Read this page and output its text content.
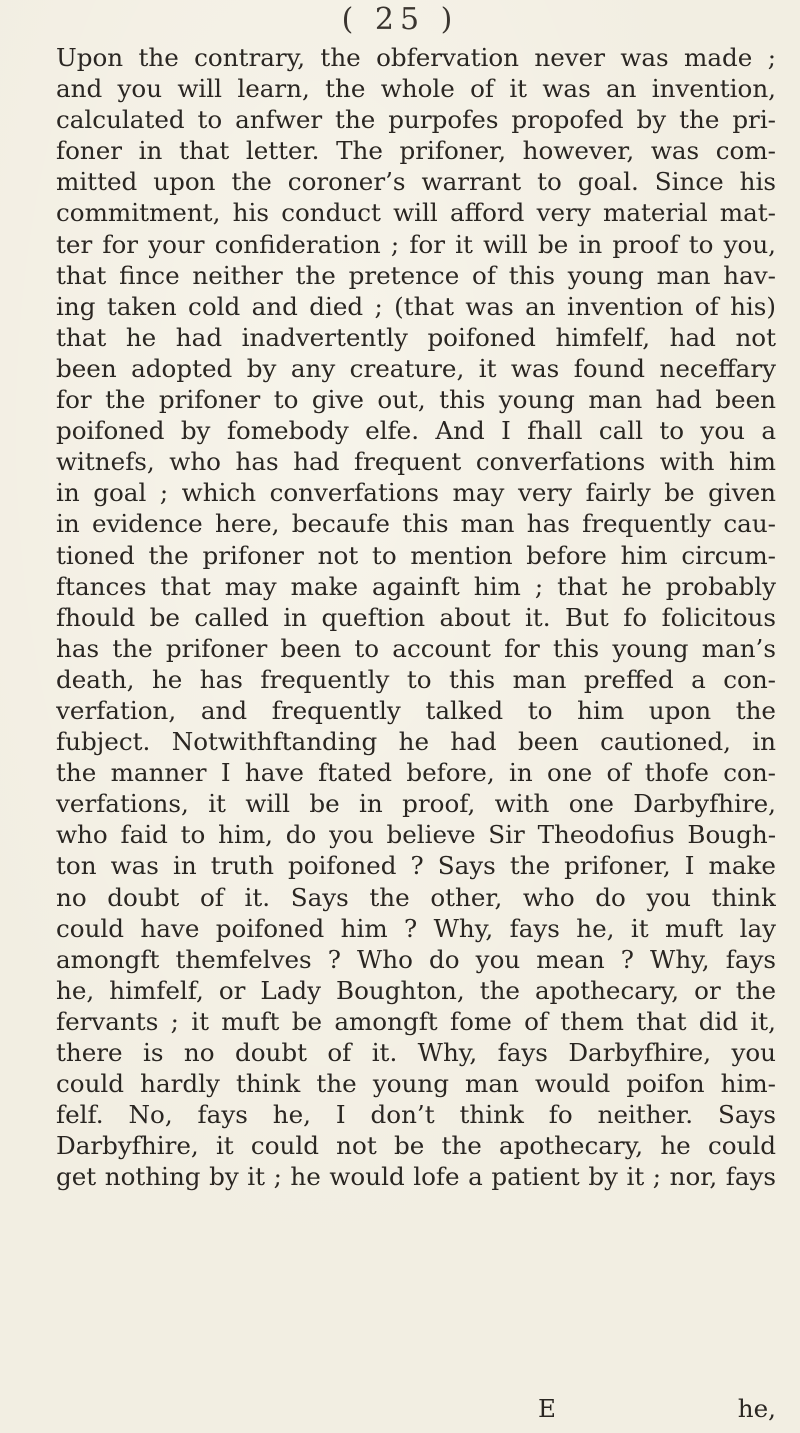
( 25 )
Upon the contrary, the obfervation never was made ;
and you will learn, the whole of it was an invention,
calculated to anfwer the purpofes propofed by the pri-
foner in that letter. The prifoner, however, was com-
mitted upon the coroner’s warrant to goal. Since his
commitment, his conduct will afford very material mat-
ter for your confideration ; for it will be in proof to you,
that fince neither the pretence of this young man hav-
ing taken cold and died ; (that was an invention of his)
that he had inadvertently poifoned himfelf, had not
been adopted by any creature, it was found neceffary
for the prifoner to give out, this young man had been
poifoned by fomebody elfe. And I fhall call to you a
witnefs, who has had frequent converfations with him
in goal ; which converfations may very fairly be given
in evidence here, becaufe this man has frequently cau-
tioned the prifoner not to mention before him circum-
ftances that may make againft him ; that he probably
fhould be called in queftion about it. But fo folicitous
has the prifoner been to account for this young man’s
death, he has frequently to this man preffed a con-
verfation, and frequently talked to him upon the
fubject. Notwithftanding he had been cautioned, in
the manner I have ftated before, in one of thofe con-
verfations, it will be in proof, with one Darbyfhire,
who faid to him, do you believe Sir Theodofius Bough-
ton was in truth poifoned ? Says the prifoner, I make
no doubt of it. Says the other, who do you think
could have poifoned him ? Why, fays he, it muft lay
amongft themfelves ? Who do you mean ? Why, fays
he, himfelf, or Lady Boughton, the apothecary, or the
fervants ; it muft be amongft fome of them that did it,
there is no doubt of it. Why, fays Darbyfhire, you
could hardly think the young man would poifon him-
felf. No, fays he, I don’t think fo neither. Says
Darbyfhire, it could not be the apothecary, he could
get nothing by it ; he would lofe a patient by it ; nor, fays
E	he,
